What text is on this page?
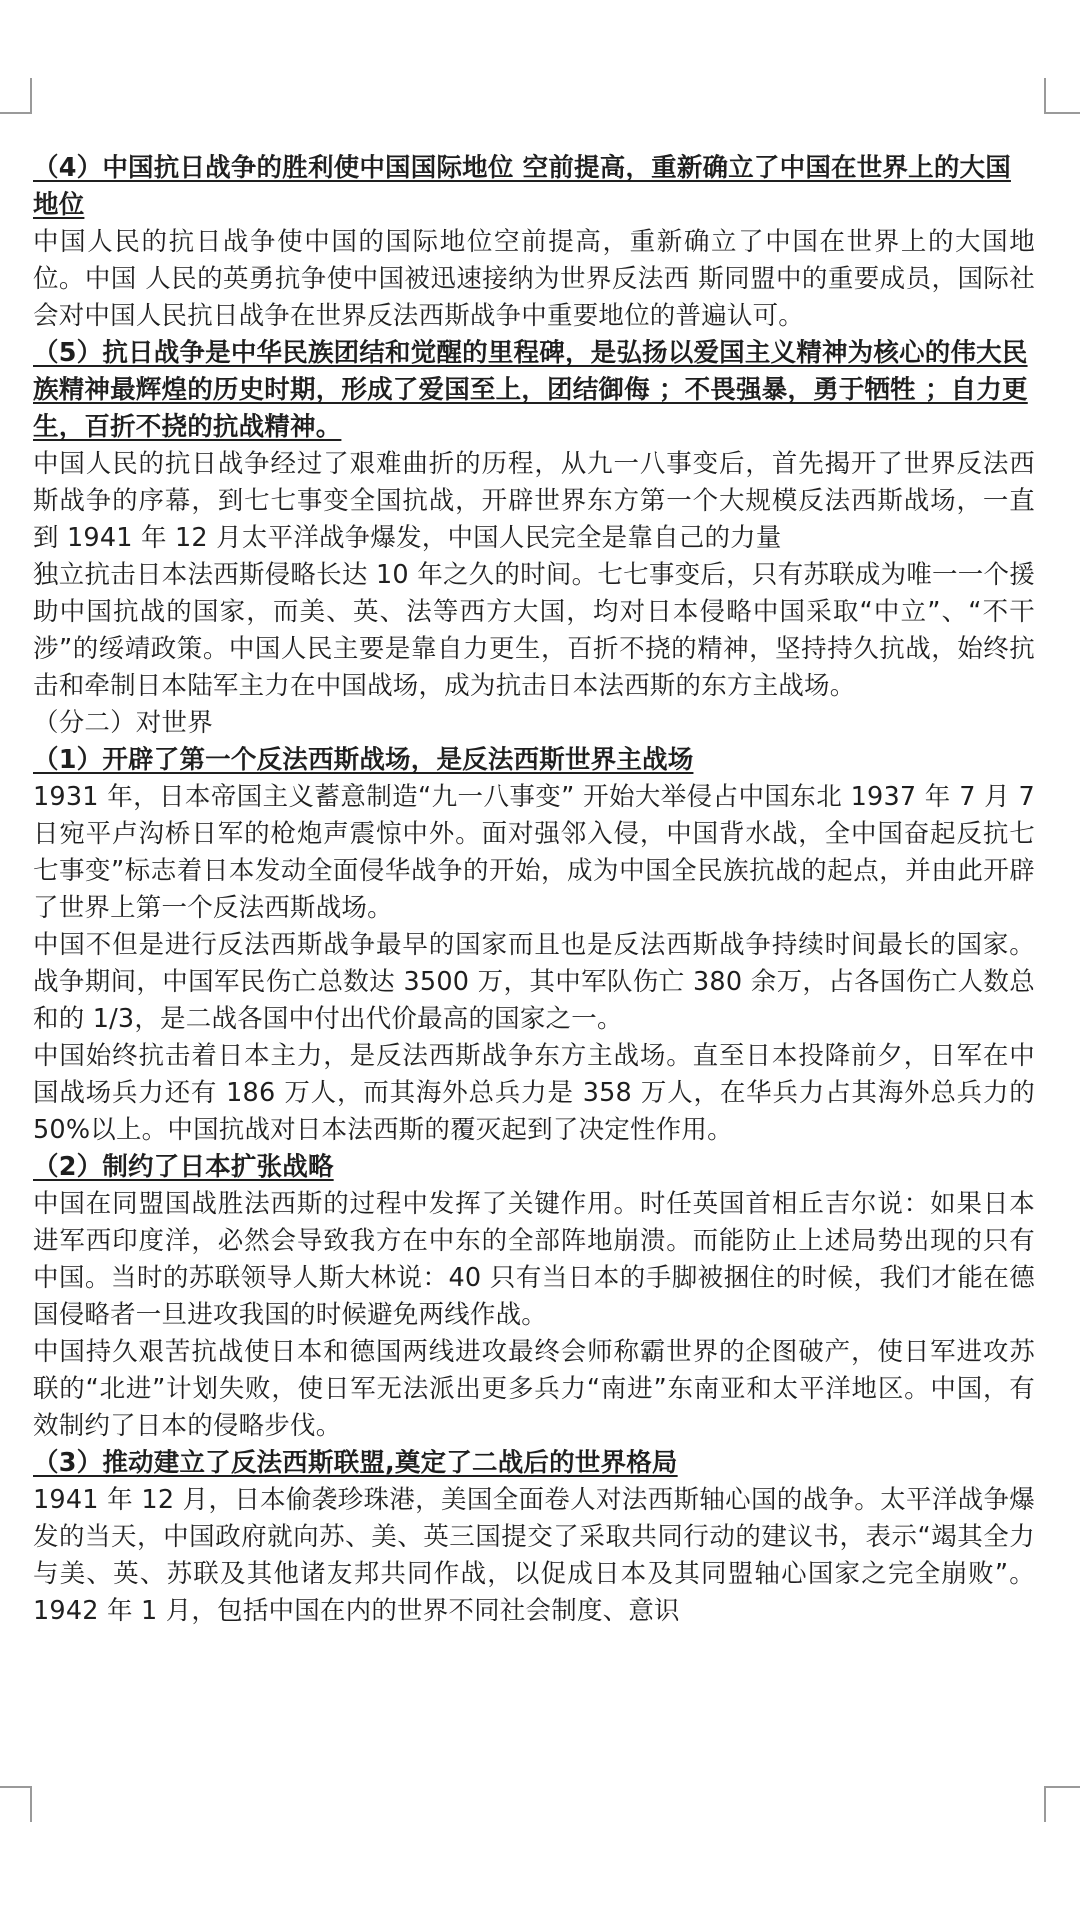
（4）中国抗日战争的胜利使中国国际地位 空前提高，重新确立了中国在世界上的大国地位

中国人民的抗日战争使中国的国际地位空前提高，重新确立了中国在世界上的大国地位。中国 人民的英勇抗争使中国被迅速接纳为世界反法西 斯同盟中的重要成员，国际社会对中国人民抗日战争在世界反法西斯战争中重要地位的普遍认可。

（5）抗日战争是中华民族团结和觉醒的里程碑，是弘扬以爱国主义精神为核心的伟大民族精神最辉煌的历史时期，形成了爱国至上，团结御侮 ；不畏强暴，勇于牺牲 ；自力更生，百折不挠的抗战精神。

中国人民的抗日战争经过了艰难曲折的历程，从九一八事变后，首先揭开了世界反法西斯战争的序幕，到七七事变全国抗战，开辟世界东方第一个大规模反法西斯战场，一直到 1941 年 12 月太平洋战争爆发，中国人民完全是靠自己的力量

独立抗击日本法西斯侵略长达 10 年之久的时间。七七事变后，只有苏联成为唯一一个援助中国抗战的国家，而美、英、法等西方大国，均对日本侵略中国采取“中立”、“不干涉”的绥靖政策。中国人民主要是靠自力更生，百折不挠的精神，坚持持久抗战，始终抗击和牵制日本陆军主力在中国战场，成为抗击日本法西斯的东方主战场。

（分二）对世界

（1）开辟了第一个反法西斯战场，是反法西斯世界主战场

1931 年，日本帝国主义蓄意制造“九一八事变” 开始大举侵占中国东北 1937 年 7 月 7 日宛平卢沟桥日军的枪炮声震惊中外。面对强邻入侵，中国背水战，全中国奋起反抗七七事变”标志着日本发动全面侵华战争的开始，成为中国全民族抗战的起点，并由此开辟了世界上第一个反法西斯战场。

中国不但是进行反法西斯战争最早的国家而且也是反法西斯战争持续时间最长的国家。战争期间，中国军民伤亡总数达 3500 万，其中军队伤亡 380 余万，占各国伤亡人数总和的 1/3，是二战各国中付出代价最高的国家之一。

中国始终抗击着日本主力，是反法西斯战争东方主战场。直至日本投降前夕，日军在中国战场兵力还有 186 万人，而其海外总兵力是 358 万人，在华兵力占其海外总兵力的 50%以上。中国抗战对日本法西斯的覆灭起到了决定性作用。

（2）制约了日本扩张战略

中国在同盟国战胜法西斯的过程中发挥了关键作用。时任英国首相丘吉尔说：如果日本进军西印度洋，必然会导致我方在中东的全部阵地崩溃。而能防止上述局势出现的只有中国。当时的苏联领导人斯大林说：40 只有当日本的手脚被捆住的时候，我们才能在德国侵略者一旦进攻我国的时候避免两线作战。

中国持久艰苦抗战使日本和德国两线进攻最终会师称霸世界的企图破产，使日军进攻苏联的“北进”计划失败，使日军无法派出更多兵力“南进”东南亚和太平洋地区。中国，有效制约了日本的侵略步伐。

（3）推动建立了反法西斯联盟,奠定了二战后的世界格局

1941 年 12 月，日本偷袭珍珠港，美国全面卷人对法西斯轴心国的战争。太平洋战争爆发的当天，中国政府就向苏、美、英三国提交了采取共同行动的建议书，表示“竭其全力与美、英、苏联及其他诸友邦共同作战，以促成日本及其同盟轴心国家之完全崩败”。1942 年 1 月，包括中国在内的世界不同社会制度、意识
